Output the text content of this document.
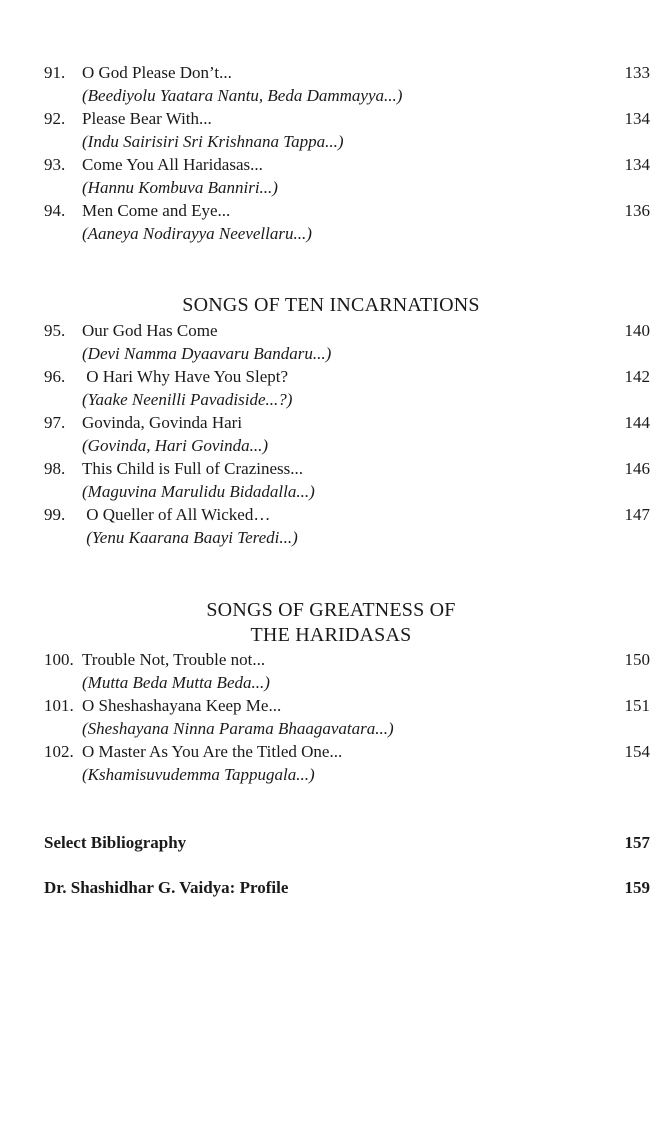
91. O God Please Don’t...	133
(Beediyolu Yaatara Nantu, Beda Dammayya...)
92. Please Bear With...	134
(Indu Sairisiri Sri Krishnana Tappa...)
93. Come You All Haridasas...	134
(Hannu Kombuva Banniri...)
94. Men Come and Eye...	136
(Aaneya Nodirayya Neevellaru...)
SONGS OF TEN INCARNATIONS
95. Our God Has Come	140
(Devi Namma Dyaavaru Bandaru...)
96. O Hari Why Have You Slept?	142
(Yaake Neenilli Pavadiside...?)
97. Govinda, Govinda Hari	144
(Govinda, Hari Govinda...)
98. This Child is Full of Craziness...	146
(Maguvina Marulidu Bidadalla...)
99. O Queller of All Wicked…	147
(Yenu Kaarana Baayi Teredi...)
SONGS OF GREATNESS OF
THE HARIDASAS
100. Trouble Not, Trouble not...	150
(Mutta Beda Mutta Beda...)
101. O Sheshashayana Keep Me...	151
(Sheshayana Ninna Parama Bhaagavatara...)
102. O Master As You Are the Titled One...	154
(Kshamisuvudemma Tappugala...)
Select Bibliography	157
Dr. Shashidhar G. Vaidya: Profile	159
